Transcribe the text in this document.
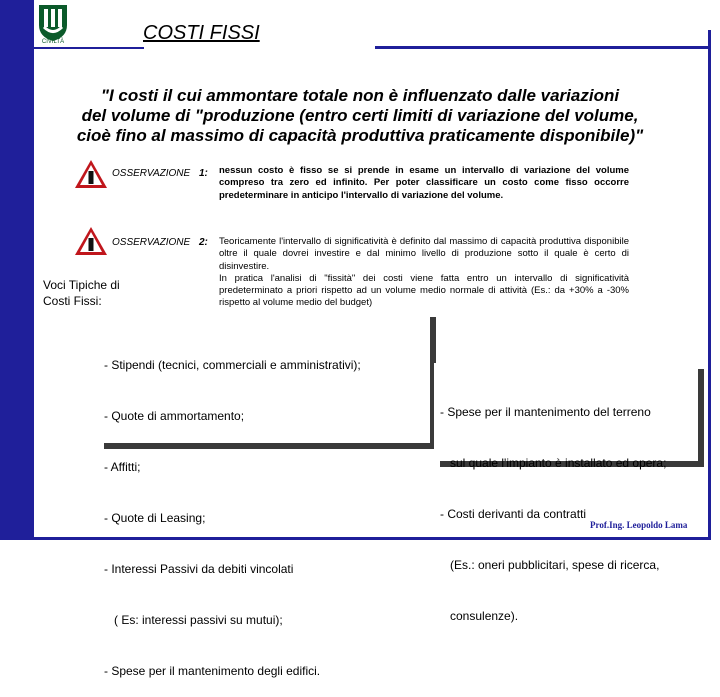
CIVILTÀ	COSTI FISSI
"I costi il cui ammontare totale non è influenzato dalle variazioni
del volume di "produzione (entro certi limiti di variazione del volume,
cioè fino al massimo di capacità produttiva praticamente disponibile)"
OSSERVAZIONE 1: nessun costo è fisso se si prende in esame un intervallo di variazione del volume compreso tra zero ed infinito. Per poter classificare un costo come fisso occorre predeterminare in anticipo l'intervallo di variazione del volume.
OSSERVAZIONE 2: Teoricamente l'intervallo di significatività è definito dal massimo di capacità produttiva disponibile oltre il quale dovrei investire e dal minimo livello di produzione sotto il quale è certo di disinvestire.
In pratica l'analisi di "fissità" dei costi viene fatta entro un intervallo di significatività predeterminato a priori rispetto ad un volume medio normale di attività (Es.: da +30% a -30% rispetto al volume medio del budget)
Voci Tipiche di
Costi Fissi:

- Stipendi (tecnici, commerciali e amministrativi);

- Quote di ammortamento;

- Affitti;

- Quote di Leasing;

- Interessi Passivi da debiti vincolati

( Es: interessi passivi su mutui);

- Spese per il mantenimento degli edifici.

- Spese per il mantenimento del terreno

sul quale l'impianto è installato ed opera;

- Costi derivanti da contratti

(Es.: oneri pubblicitari, spese di ricerca,

consulenze).

Prof.Ing. Leopoldo Lama
